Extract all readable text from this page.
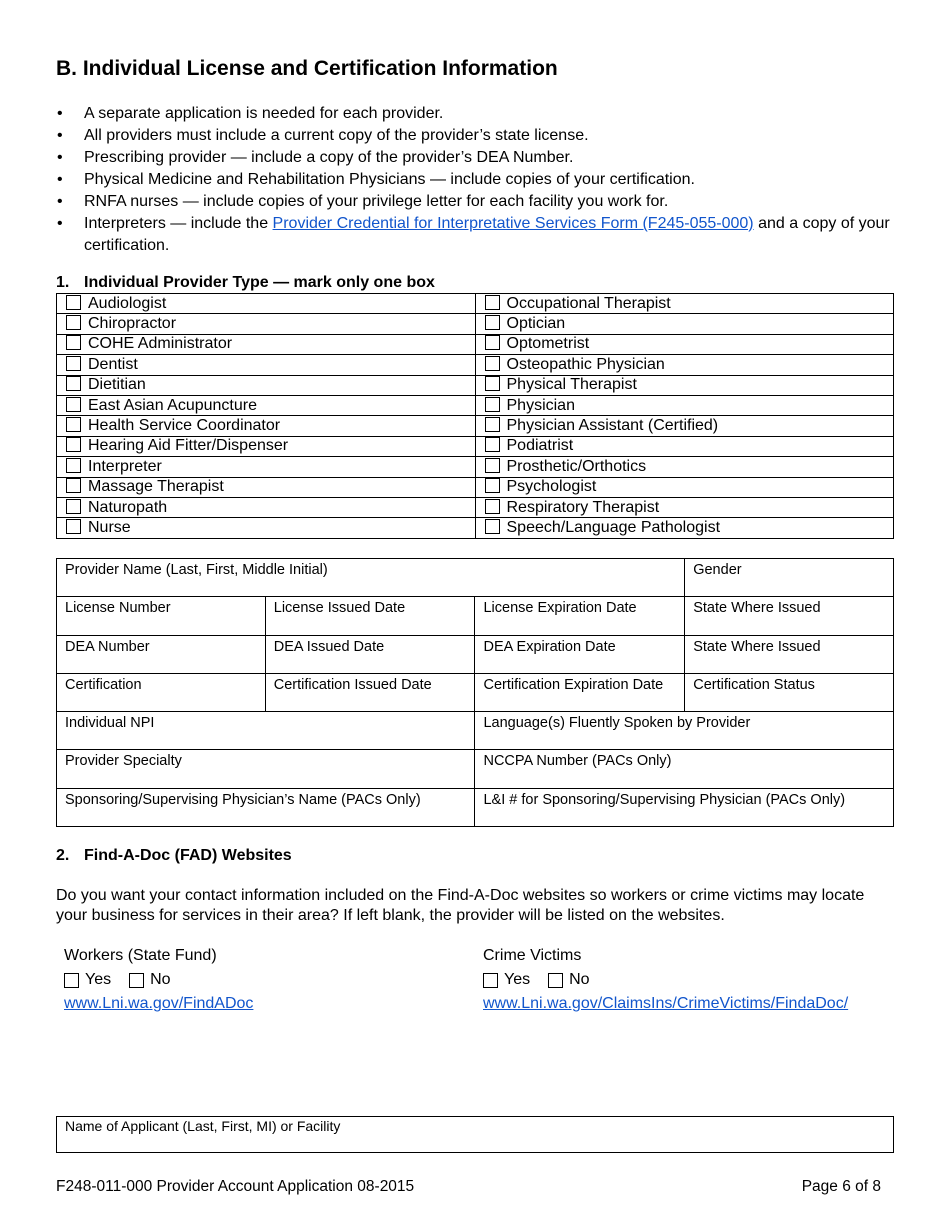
B. Individual License and Certification Information
• A separate application is needed for each provider.
• All providers must include a current copy of the provider’s state license.
• Prescribing provider — include a copy of the provider’s DEA Number.
• Physical Medicine and Rehabilitation Physicians — include copies of your certification.
• RNFA nurses — include copies of your privilege letter for each facility you work for.
• Interpreters — include the Provider Credential for Interpretative Services Form (F245-055-000) and a copy of your certification.
1. Individual Provider Type — mark only one box
Audiologist	Occupational Therapist
Chiropractor	Optician
COHE Administrator	Optometrist
Dentist	Osteopathic Physician
Dietitian	Physical Therapist
East Asian Acupuncture	Physician
Health Service Coordinator	Physician Assistant (Certified)
Hearing Aid Fitter/Dispenser	Podiatrist
Interpreter	Prosthetic/Orthotics
Massage Therapist	Psychologist
Naturopath	Respiratory Therapist
Nurse	Speech/Language Pathologist
Provider Name (Last, First, Middle Initial)			Gender
License Number	License Issued Date	License Expiration Date	State Where Issued
DEA Number	DEA Issued Date	DEA Expiration Date	State Where Issued
Certification	Certification Issued Date	Certification Expiration Date	Certification Status
Individual NPI		Language(s) Fluently Spoken by Provider	
Provider Specialty		NCCPA Number (PACs Only)	
Sponsoring/Supervising Physician’s Name (PACs Only)		L&I # for Sponsoring/Supervising Physician (PACs Only)	
2. Find-A-Doc (FAD) Websites
Do you want your contact information included on the Find-A-Doc websites so workers or crime victims may locate your business for services in their area? If left blank, the provider will be listed on the websites.
Workers (State Fund)
Yes No
www.Lni.wa.gov/FindADoc
Crime Victims
Yes No
www.Lni.wa.gov/ClaimsIns/CrimeVictims/FindaDoc/
Name of Applicant (Last, First, MI) or Facility
F248-011-000 Provider Account Application 08-2015	Page 6 of 8
